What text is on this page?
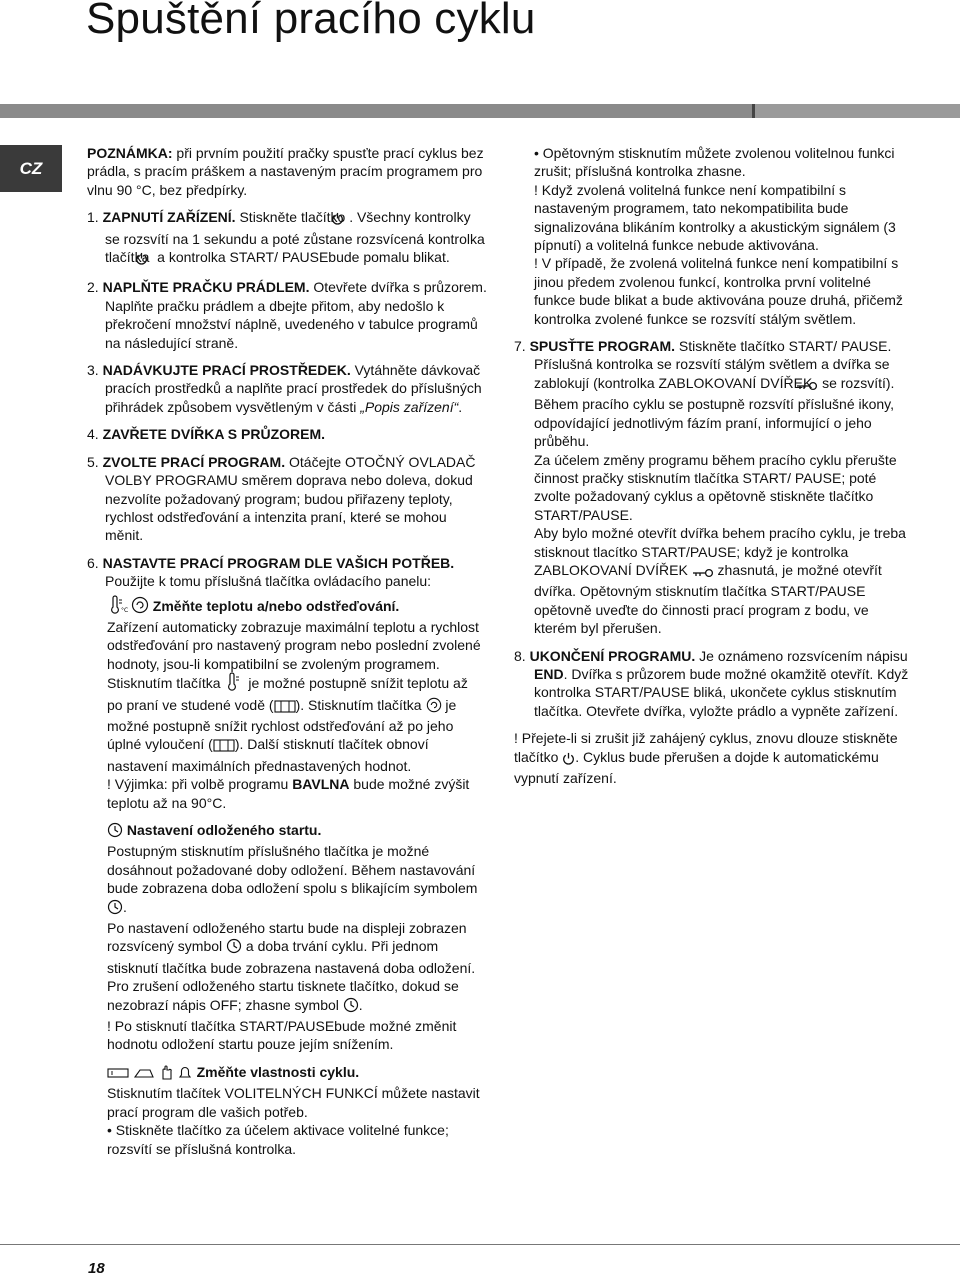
Spuštění pracího cyklu
CZ

POZNÁMKA: při prvním použití pračky spusťte prací cyklus bez prádla, s pracím práškem a nastaveným pracím programem pro vlnu 90 °C, bez předpírky.

1. ZAPNUTÍ ZAŘÍZENÍ. Stiskněte tlačítko . Všechny kontrolky se rozsvítí na 1 sekundu a poté zůstane rozsvícená kontrolka tlačítka  a kontrolka START/ PAUSEbude pomalu blikat.

2. NAPLŇTE PRAČKU PRÁDLEM. Otevřete dvířka s průzorem. Naplňte pračku prádlem a dbejte přitom, aby nedošlo k překročení množství náplně, uvedeného v tabulce programů na následující straně.

3. NADÁVKUJTE PRACÍ PROSTŘEDEK. Vytáhněte dávkovač pracích prostředků a naplňte prací prostředek do příslušných přihrádek způsobem vysvětleným v části „Popis zařízení“.

4. ZAVŘETE DVÍŘKA S PRŮZOREM.

5. ZVOLTE PRACÍ PROGRAM. Otáčejte OTOČNÝ OVLADAČ VOLBY PROGRAMU směrem doprava nebo doleva, dokud nezvolíte požadovaný program; budou přiřazeny teploty, rychlost odstřeďování a intenzita praní, které se mohou měnit.

6. NASTAVTE PRACÍ PROGRAM DLE VAŠICH POTŘEB. Použijte k tomu příslušná tlačítka ovládacího panelu:

°C Změňte teplotu a/nebo odstřeďování.

Zařízení automaticky zobrazuje maximální teplotu a rychlost odstřeďování pro nastavený program nebo poslední zvolené hodnoty, jsou-li kompatibilní se zvoleným programem. Stisknutím tlačítka  je možné postupně snížit teplotu až po praní ve studené vodě ( ). Stisknutím tlačítka  je možné postupně snížit rychlost odstřeďování až po jeho úplné vyloučení ( ). Další stisknutí tlačítek obnoví nastavení maximálních přednastavených hodnot.

! Výjimka: při volbě programu BAVLNA bude možné zvýšit teplotu až na 90°C.

Nastavení odloženého startu.

Postupným stisknutím příslušného tlačítka je možné dosáhnout požadované doby odložení. Během nastavování bude zobrazena doba odložení spolu s blikajícím symbolem .

Po nastavení odloženého startu bude na displeji zobrazen rozsvícený symbol  a doba trvání cyklu. Při jednom stisknutí tlačítka bude zobrazena nastavená doba odložení.

Pro zrušení odloženého startu tisknete tlačítko, dokud se nezobrazí nápis OFF; zhasne symbol .

! Po stisknutí tlačítka START/PAUSEbude možné změnit hodnotu odložení startu pouze jejím snížením.

Změňte vlastnosti cyklu.

Stisknutím tlačítek VOLITELNÝCH FUNKCÍ můžete nastavit prací program dle vašich potřeb.

• Stiskněte tlačítko za účelem aktivace volitelné funkce; rozsvítí se příslušná kontrolka.

• Opětovným stisknutím můžete zvolenou volitelnou funkci zrušit; příslušná kontrolka zhasne.

! Když zvolená volitelná funkce není kompatibilní s nastaveným programem, tato nekompatibilita bude signalizována blikáním kontrolky a akustickým signálem (3 pípnutí) a volitelná funkce nebude aktivována.

! V případě, že zvolená volitelná funkce není kompatibilní s jinou předem zvolenou funkcí, kontrolka první volitelné funkce bude blikat a bude aktivována pouze druhá, přičemž kontrolka zvolené funkce se rozsvítí stálým světlem.

7. SPUSŤTE PROGRAM. Stiskněte tlačítko START/ PAUSE. Příslušná kontrolka se rozsvítí stálým světlem a dvířka se zablokují (kontrolka ZABLOKOVANÍ DVÍŘEK  se rozsvítí). Během pracího cyklu se postupně rozsvítí příslušné ikony, odpovídající jednotlivým fázím praní, informující o jeho průběhu.

Za účelem změny programu během pracího cyklu přerušte činnost pračky stisknutím tlačítka START/ PAUSE; poté zvolte požadovaný cyklus a opětovně stiskněte tlačítko START/PAUSE.

Aby bylo možné otevřít dvířka behem pracího cyklu, je treba stisknout tlacítko START/PAUSE; když je kontrolka ZABLOKOVANÍ DVÍŘEK  zhasnutá, je možné otevřít dvířka. Opětovným stisknutím tlačítka START/PAUSE opětovně uveďte do činnosti prací program z bodu, ve kterém byl přerušen.

8. UKONČENÍ PROGRAMU. Je oznámeno rozsvícením nápisu END. Dvířka s průzorem bude možné okamžitě otevřít. Když kontrolka START/PAUSE bliká, ukončete cyklus stisknutím tlačítka. Otevřete dvířka, vyložte prádlo a vypněte zařízení.

! Přejete-li si zrušit již zahájený cyklus, znovu dlouze stiskněte tlačítko . Cyklus bude přerušen a dojde k automatickému vypnutí zařízení.

18
